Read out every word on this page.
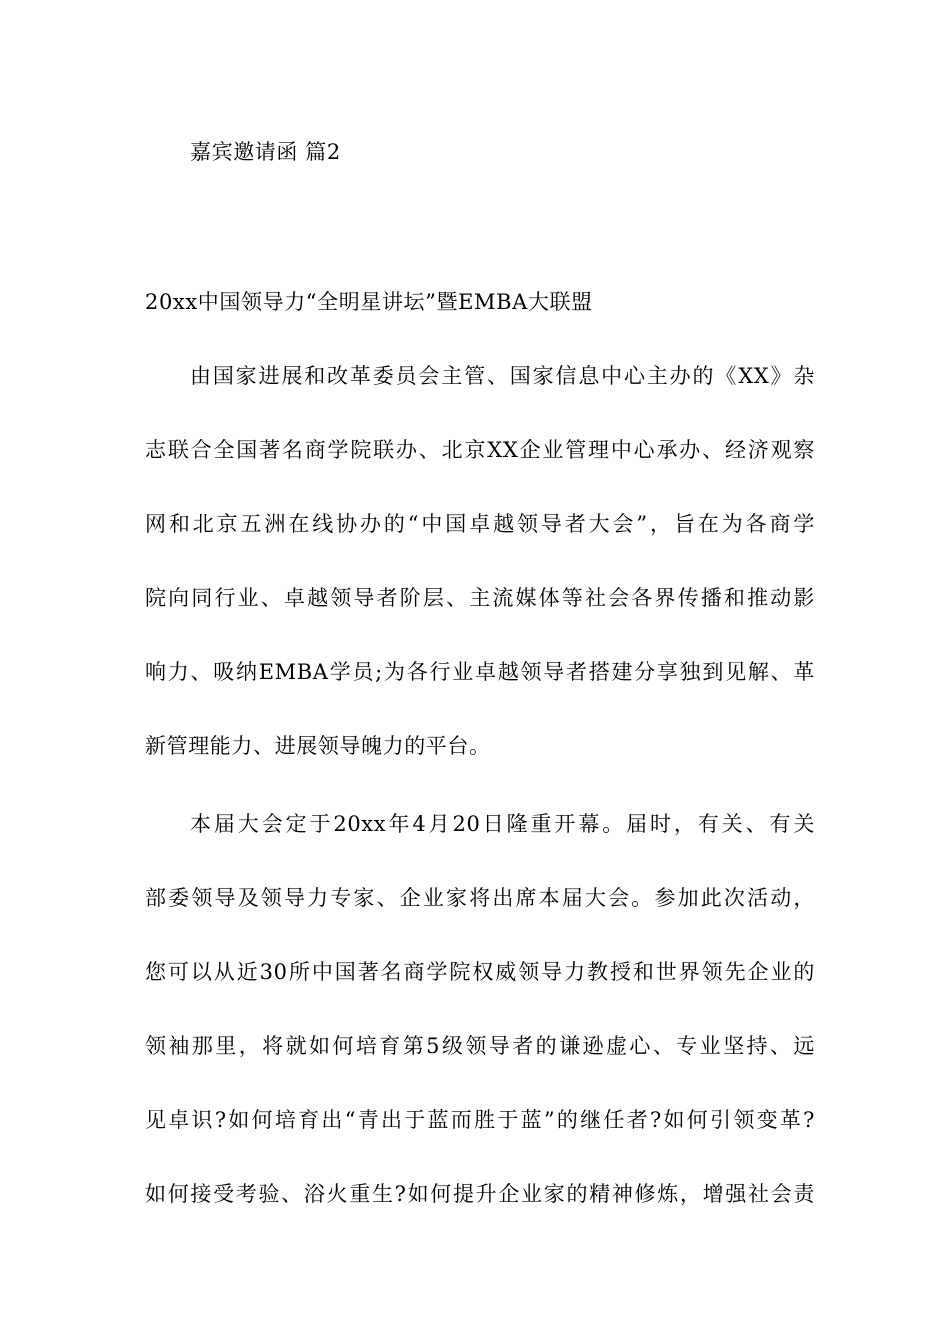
嘉宾邀请函 篇2
20xx中国领导力“全明星讲坛”暨EMBA大联盟
由国家进展和改革委员会主管、国家信息中心主办的《XX》杂
志联合全国著名商学院联办、北京XX企业管理中心承办、经济观察
网和北京五洲在线协办的“中国卓越领导者大会”，旨在为各商学
院向同行业、卓越领导者阶层、主流媒体等社会各界传播和推动影
响力、吸纳EMBA学员;为各行业卓越领导者搭建分享独到见解、革
新管理能力、进展领导魄力的平台。
本届大会定于20xx年4月20日隆重开幕。届时，有关、有关
部委领导及领导力专家、企业家将出席本届大会。参加此次活动，
您可以从近30所中国著名商学院权威领导力教授和世界领先企业的
领袖那里，将就如何培育第5级领导者的谦逊虚心、专业坚持、远
见卓识?如何培育出“青出于蓝而胜于蓝”的继任者?如何引领变革?
如何接受考验、浴火重生?如何提升企业家的精神修炼，增强社会责
